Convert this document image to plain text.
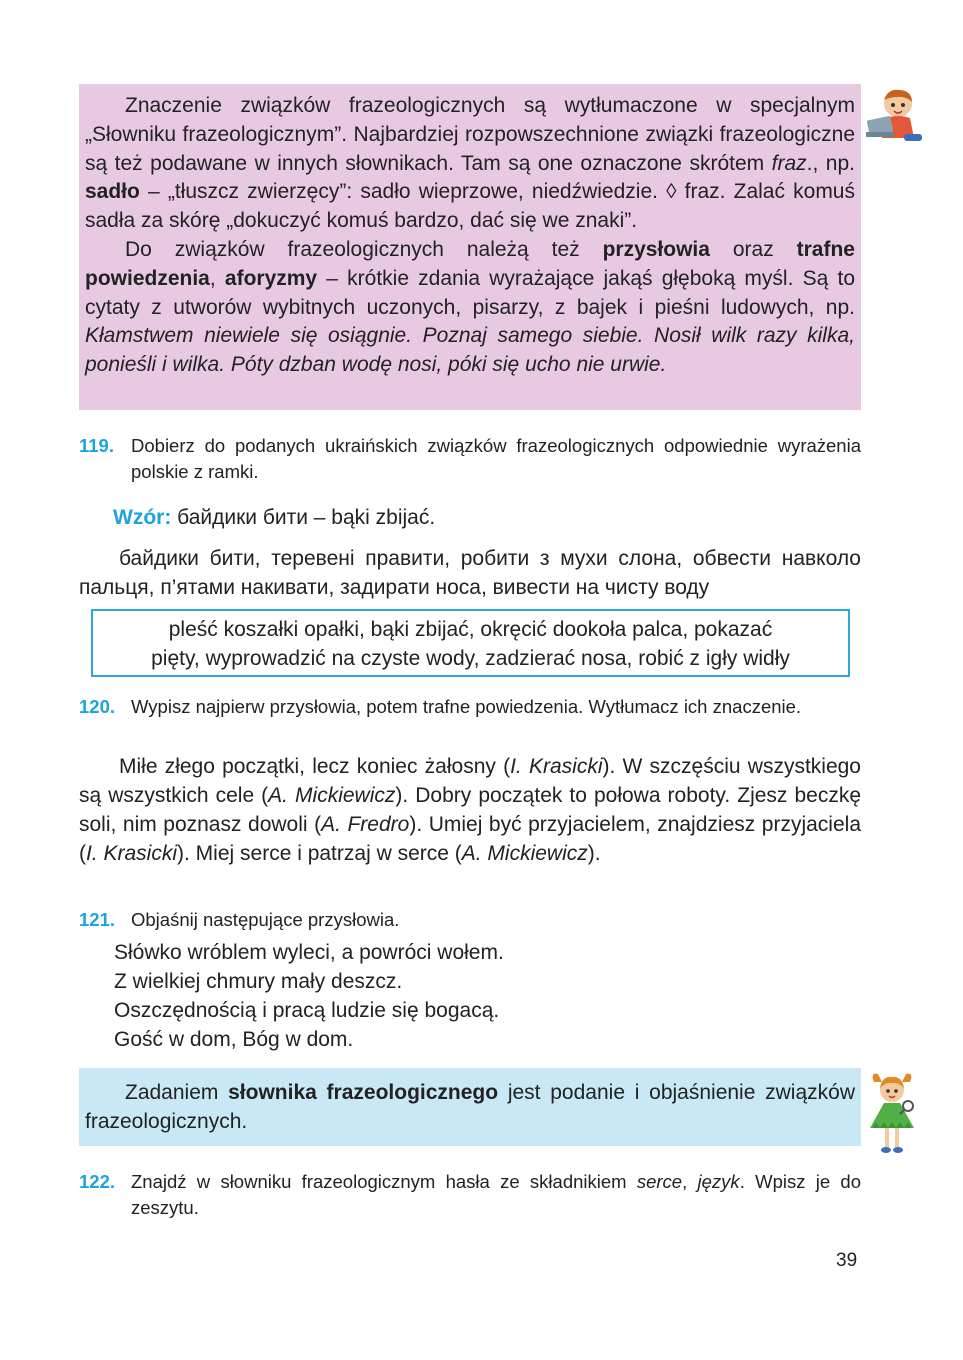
Znaczenie związków frazeologicznych są wytłumaczone w specjalnym „Słowniku frazeologicznym”. Najbardziej rozpowszechnione związki frazeologiczne są też podawane w innych słownikach. Tam są one oznaczone skrótem fraz., np. sadło – „tłuszcz zwierzęcy”: sadło wieprzowe, niedźwiedzie. ◊ fraz. Zalać komuś sadła za skórę „dokuczyć komuś bardzo, dać się we znaki”.

Do związków frazeologicznych należą też przysłowia oraz trafne powiedzenia, aforyzmy – krótkie zdania wyrażające jakąś głęboką myśl. Są to cytaty z utworów wybitnych uczonych, pisarzy, z bajek i pieśni ludowych, np. Kłamstwem niewiele się osiągnie. Poznaj samego siebie. Nosił wilk razy kilka, ponieśli i wilka. Póty dzban wodę nosi, póki się ucho nie urwie.

119. Dobierz do podanych ukraińskich związków frazeologicznych odpowiednie wyrażenia polskie z ramki.
Wzór: байдики бити – bąki zbijać.

байдики бити, теревені правити, робити з мухи слона, обвести навколо пальця, п’ятами накивати, задирати носа, вивести на чисту воду

pleść koszałki opałki, bąki zbijać, okręcić dookoła palca, pokazać
pięty, wyprowadzić na czyste wody, zadzierać nosa, robić z igły widły
120. Wypisz najpierw przysłowia, potem trafne powiedzenia. Wytłumacz ich znaczenie.

Miłe złego początki, lecz koniec żałosny (I. Krasicki). W szczęściu wszystkiego są wszystkich cele (A. Mickiewicz). Dobry początek to połowa roboty. Zjesz beczkę soli, nim poznasz dowoli (A. Fredro). Umiej być przyjacielem, znajdziesz przyjaciela (I. Krasicki). Miej serce i patrzaj w serce (A. Mickiewicz).

121. Objaśnij następujące przysłowia.
Słówko wróblem wyleci, a powróci wołem.
Z wielkiej chmury mały deszcz.
Oszczędnością i pracą ludzie się bogacą.
Gość w dom, Bóg w dom.

Zadaniem słownika frazeologicznego jest podanie i objaśnienie związków frazeologicznych.

122. Znajdź w słowniku frazeologicznym hasła ze składnikiem serce, język. Wpisz je do zeszytu.
39
